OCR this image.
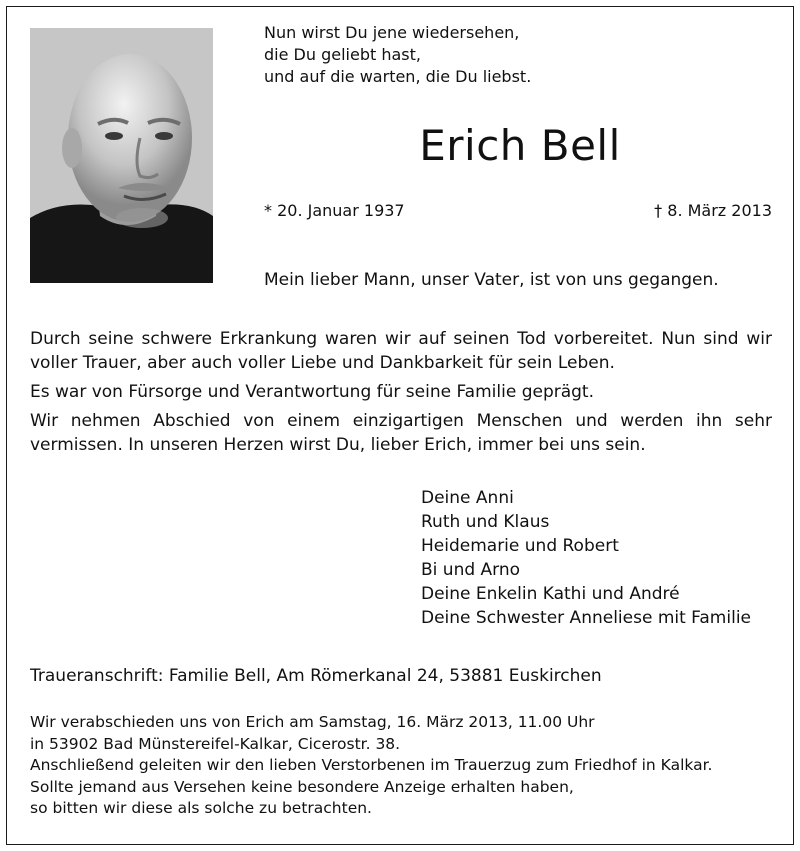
Nun wirst Du jene wiedersehen,
die Du geliebt hast,
und auf die warten, die Du liebst.
Erich Bell
* 20. Januar 1937	† 8. März 2013
Mein lieber Mann, unser Vater, ist von uns gegangen.

Durch seine schwere Erkrankung waren wir auf seinen Tod vorbereitet. Nun sind wir voller Trauer, aber auch voller Liebe und Dankbarkeit für sein Leben.

Es war von Fürsorge und Verantwortung für seine Familie geprägt.

Wir nehmen Abschied von einem einzigartigen Menschen und werden ihn sehr vermissen. In unseren Herzen wirst Du, lieber Erich, immer bei uns sein.

Deine Anni
Ruth und Klaus
Heidemarie und Robert
Bi und Arno
Deine Enkelin Kathi und André
Deine Schwester Anneliese mit Familie
Traueranschrift: Familie Bell, Am Römerkanal 24, 53881 Euskirchen
Wir verabschieden uns von Erich am Samstag, 16. März 2013, 11.00 Uhr
in 53902 Bad Münstereifel-Kalkar, Cicerostr. 38.
Anschließend geleiten wir den lieben Verstorbenen im Trauerzug zum Friedhof in Kalkar.
Sollte jemand aus Versehen keine besondere Anzeige erhalten haben,
so bitten wir diese als solche zu betrachten.
